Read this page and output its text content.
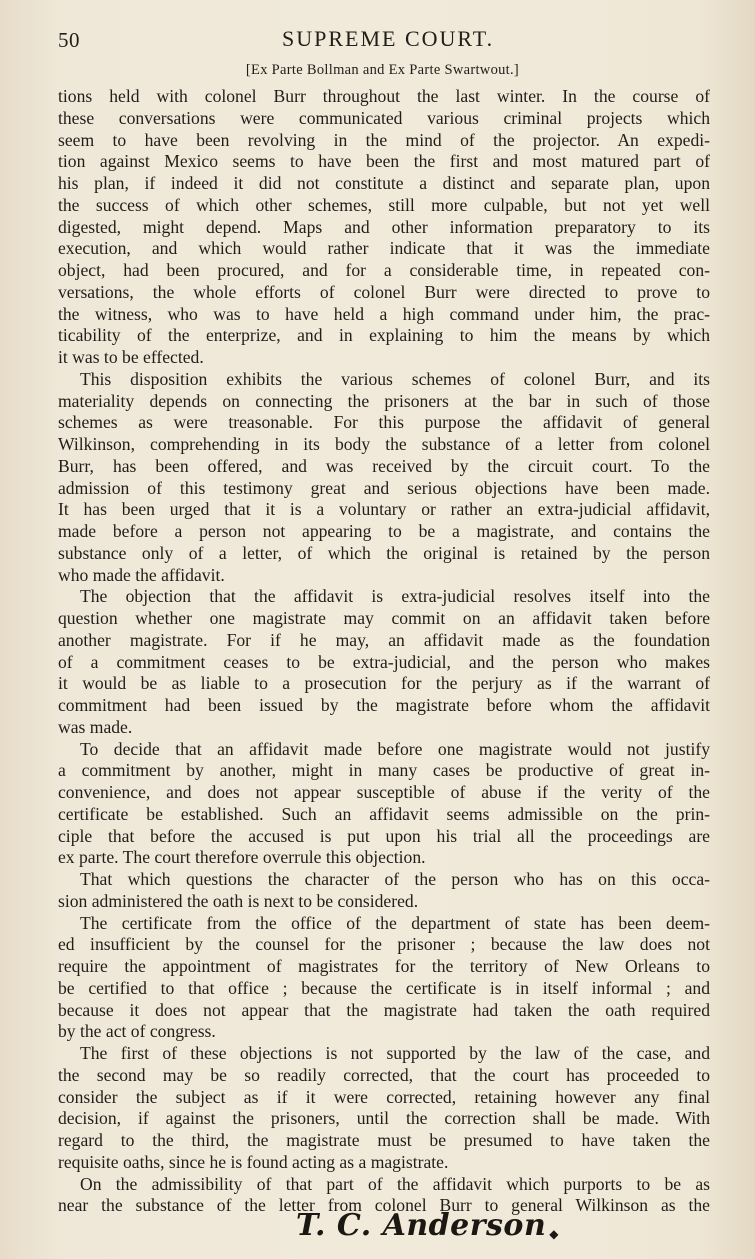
50	SUPREME COURT.
[Ex Parte Bollman and Ex Parte Swartwout.]
tions held with colonel Burr throughout the last winter. In the course of
these conversations were communicated various criminal projects which
seem to have been revolving in the mind of the projector. An expedi-
tion against Mexico seems to have been the first and most matured part of
his plan, if indeed it did not constitute a distinct and separate plan, upon
the success of which other schemes, still more culpable, but not yet well
digested, might depend. Maps and other information preparatory to its
execution, and which would rather indicate that it was the immediate
object, had been procured, and for a considerable time, in repeated con-
versations, the whole efforts of colonel Burr were directed to prove to
the witness, who was to have held a high command under him, the prac-
ticability of the enterprize, and in explaining to him the means by which
it was to be effected.
This disposition exhibits the various schemes of colonel Burr, and its
materiality depends on connecting the prisoners at the bar in such of those
schemes as were treasonable. For this purpose the affidavit of general
Wilkinson, comprehending in its body the substance of a letter from colonel
Burr, has been offered, and was received by the circuit court. To the
admission of this testimony great and serious objections have been made.
It has been urged that it is a voluntary or rather an extra-judicial affidavit,
made before a person not appearing to be a magistrate, and contains the
substance only of a letter, of which the original is retained by the person
who made the affidavit.
The objection that the affidavit is extra-judicial resolves itself into the
question whether one magistrate may commit on an affidavit taken before
another magistrate. For if he may, an affidavit made as the foundation
of a commitment ceases to be extra-judicial, and the person who makes
it would be as liable to a prosecution for the perjury as if the warrant of
commitment had been issued by the magistrate before whom the affidavit
was made.
To decide that an affidavit made before one magistrate would not justify
a commitment by another, might in many cases be productive of great in-
convenience, and does not appear susceptible of abuse if the verity of the
certificate be established. Such an affidavit seems admissible on the prin-
ciple that before the accused is put upon his trial all the proceedings are
ex parte. The court therefore overrule this objection.
That which questions the character of the person who has on this occa-
sion administered the oath is next to be considered.
The certificate from the office of the department of state has been deem-
ed insufficient by the counsel for the prisoner ; because the law does not
require the appointment of magistrates for the territory of New Orleans to
be certified to that office ; because the certificate is in itself informal ; and
because it does not appear that the magistrate had taken the oath required
by the act of congress.
The first of these objections is not supported by the law of the case, and
the second may be so readily corrected, that the court has proceeded to
consider the subject as if it were corrected, retaining however any final
decision, if against the prisoners, until the correction shall be made. With
regard to the third, the magistrate must be presumed to have taken the
requisite oaths, since he is found acting as a magistrate.
On the admissibility of that part of the affidavit which purports to be as
near the substance of the letter from colonel Burr to general Wilkinson as the
T. C. Anderson ◆
